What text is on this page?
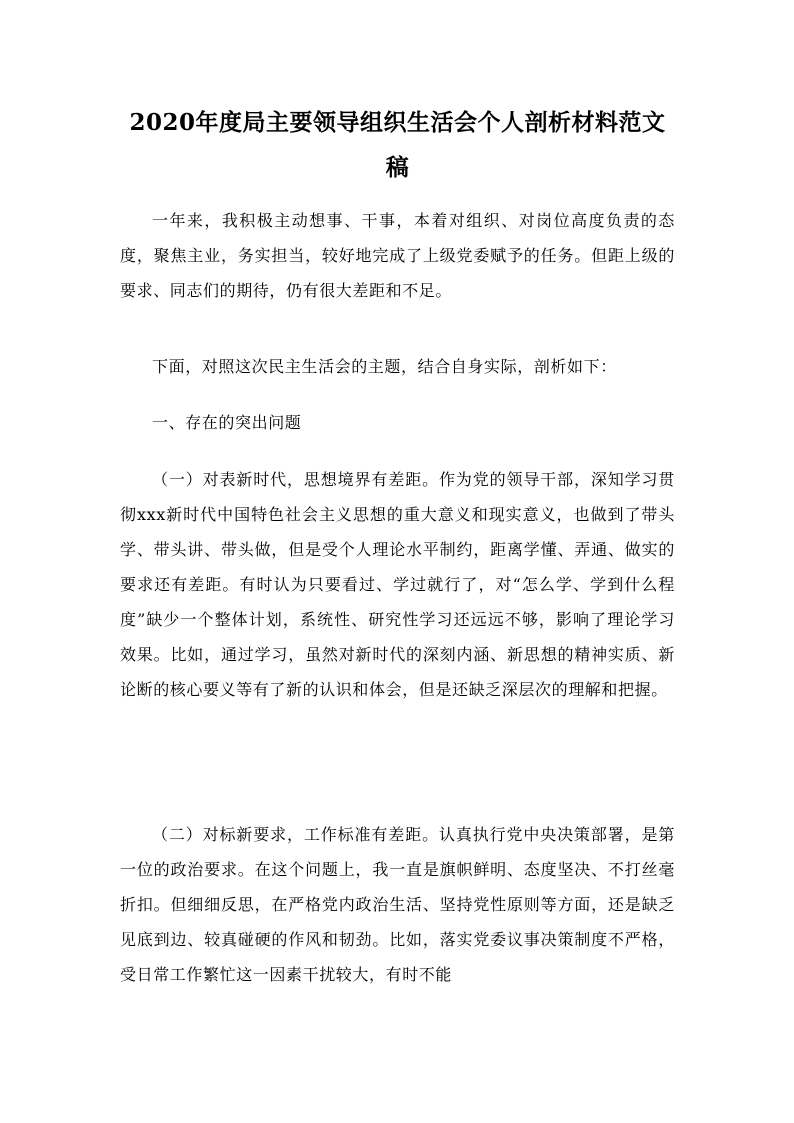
2020年度局主要领导组织生活会个人剖析材料范文稿
一年来，我积极主动想事、干事，本着对组织、对岗位高度负责的态度，聚焦主业，务实担当，较好地完成了上级党委赋予的任务。但距上级的要求、同志们的期待，仍有很大差距和不足。
下面，对照这次民主生活会的主题，结合自身实际，剖析如下：
一、存在的突出问题
（一）对表新时代，思想境界有差距。作为党的领导干部，深知学习贯彻xxx新时代中国特色社会主义思想的重大意义和现实意义，也做到了带头学、带头讲、带头做，但是受个人理论水平制约，距离学懂、弄通、做实的要求还有差距。有时认为只要看过、学过就行了，对“怎么学、学到什么程度”缺少一个整体计划，系统性、研究性学习还远远不够，影响了理论学习效果。比如，通过学习，虽然对新时代的深刻内涵、新思想的精神实质、新论断的核心要义等有了新的认识和体会，但是还缺乏深层次的理解和把握。
（二）对标新要求，工作标准有差距。认真执行党中央决策部署，是第一位的政治要求。在这个问题上，我一直是旗帜鲜明、态度坚决、不打丝毫折扣。但细细反思，在严格党内政治生活、坚持党性原则等方面，还是缺乏见底到边、较真碰硬的作风和韧劲。比如，落实党委议事决策制度不严格，受日常工作繁忙这一因素干扰较大，有时不能
